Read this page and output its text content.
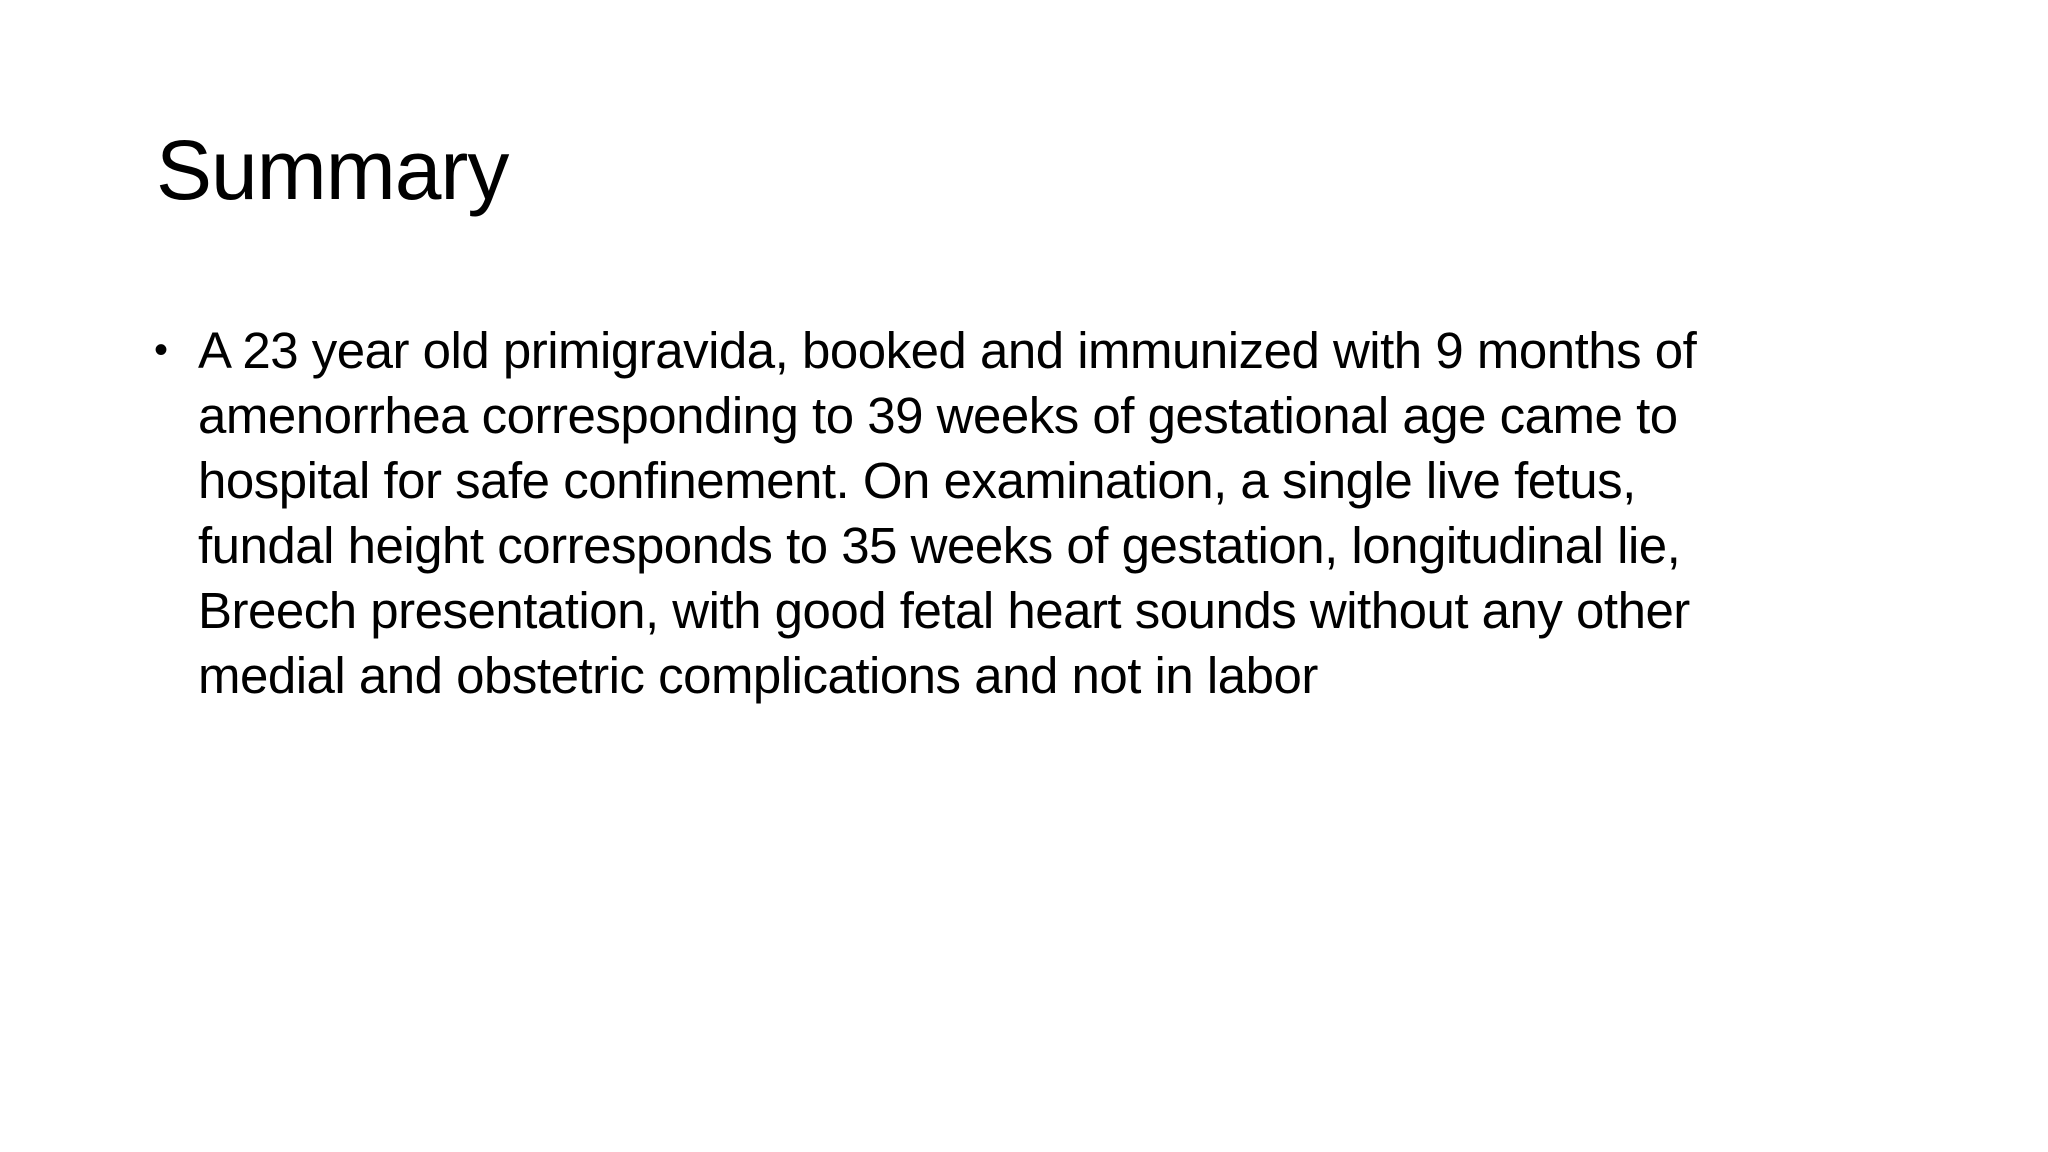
Summary
• A 23 year old primigravida, booked and immunized with 9 months of
amenorrhea corresponding to 39 weeks of gestational age came to
hospital for safe confinement. On examination, a single live fetus,
fundal height corresponds to 35 weeks of gestation, longitudinal lie,
Breech presentation, with good fetal heart sounds without any other
medial and obstetric complications and not in labor
